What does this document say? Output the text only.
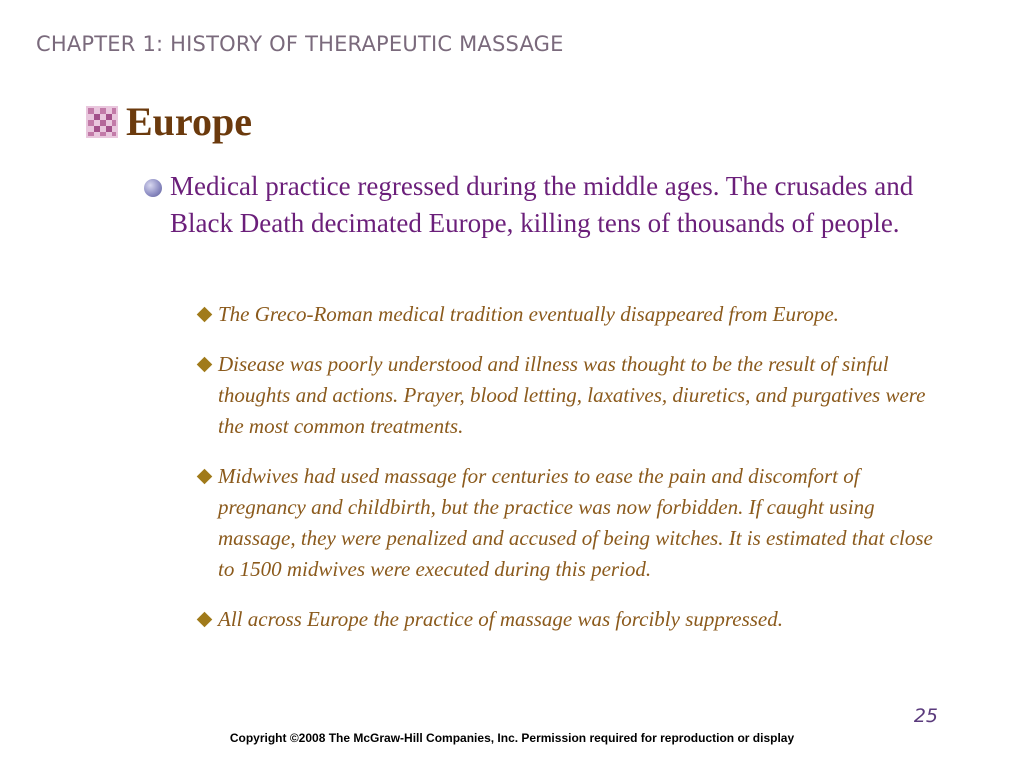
CHAPTER 1: HISTORY OF THERAPEUTIC MASSAGE
Europe
Medical practice regressed during the middle ages. The crusades and Black Death decimated Europe, killing tens of thousands of people.
The Greco-Roman medical tradition eventually disappeared from Europe.
Disease was poorly understood and illness was thought to be the result of sinful thoughts and actions. Prayer, blood letting, laxatives, diuretics, and purgatives were the most common treatments.
Midwives had used massage for centuries to ease the pain and discomfort of pregnancy and childbirth, but the practice was now forbidden. If caught using massage, they were penalized and accused of being witches. It is estimated that close to 1500 midwives were executed during this period.
All across Europe the practice of massage was forcibly suppressed.
25
Copyright ©2008 The McGraw-Hill Companies, Inc. Permission required for reproduction or display
